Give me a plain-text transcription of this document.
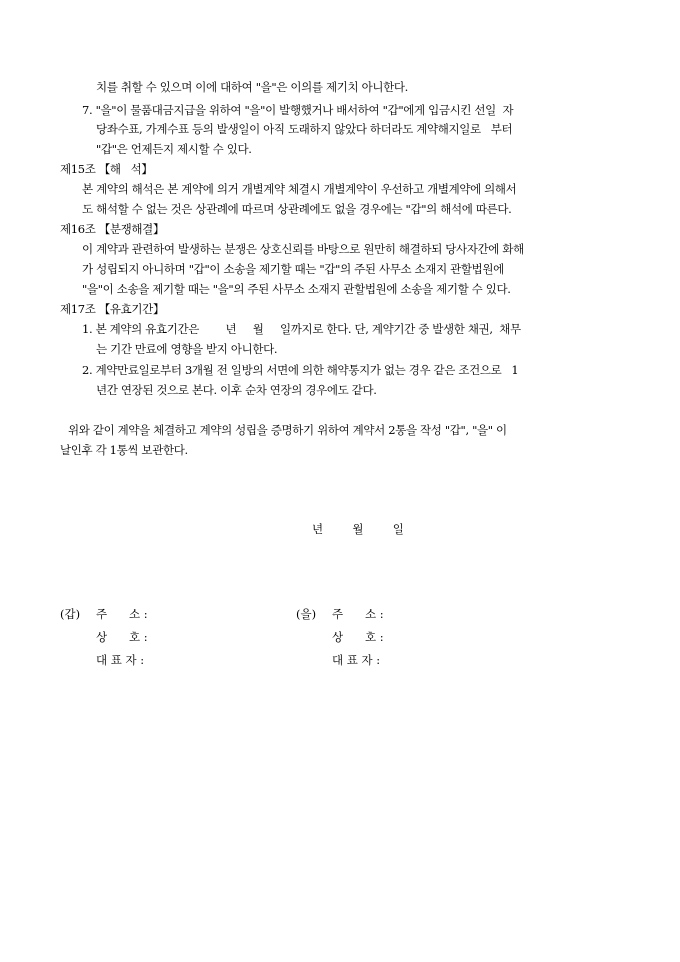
치를 취할 수 있으며 이에 대하여 "을"은 이의를 제기치 아니한다.
7. "을"이 물품대금지급을 위하여 "을"이 발행했거나 배서하여 "갑"에게 입금시킨 선일  자
당좌수표, 가계수표 등의 발생일이 아직 도래하지 않았다 하더라도 계약해지일로   부터
"갑"은 언제든지 제시할 수 있다.
제15조 【해   석】
본 계약의 해석은 본 계약에 의거 개별계약 체결시 개별계약이 우선하고 개별계약에 의해서
도 해석할 수 없는 것은 상관례에 따르며 상관례에도 없을 경우에는 "갑"의 해석에 따른다.
제16조 【분쟁해결】
이 계약과 관련하여 발생하는 분쟁은 상호신뢰를 바탕으로 원만히 해결하되 당사자간에 화해
가 성립되지 아니하며 "갑"이 소송을 제기할 때는 "갑"의 주된 사무소 소재지 관할법원에
"을"이 소송을 제기할 때는 "을"의 주된 사무소 소재지 관할법원에 소송을 제기할 수 있다.
제17조 【유효기간】
1. 본 계약의 유효기간은        년     월     일까지로 한다. 단, 계약기간 중 발생한 채권,  채무
는 기간 만료에 영향을 받지 아니한다.
2. 계약만료일로부터 3개월 전 일방의 서면에 의한 해약통지가 없는 경우 같은 조건으로   1
년간 연장된 것으로 본다. 이후 순차 연장의 경우에도 같다.
위와 같이 계약을 체결하고 계약의 성립을 증명하기 위하여 계약서 2통을 작성 "갑", "을" 이
날인후 각 1통씩 보관한다.
년        월        일
(갑) 주      소 :
상      호 :
대 표 자 :
(을) 주      소 :
상      호 :
대 표 자 :
